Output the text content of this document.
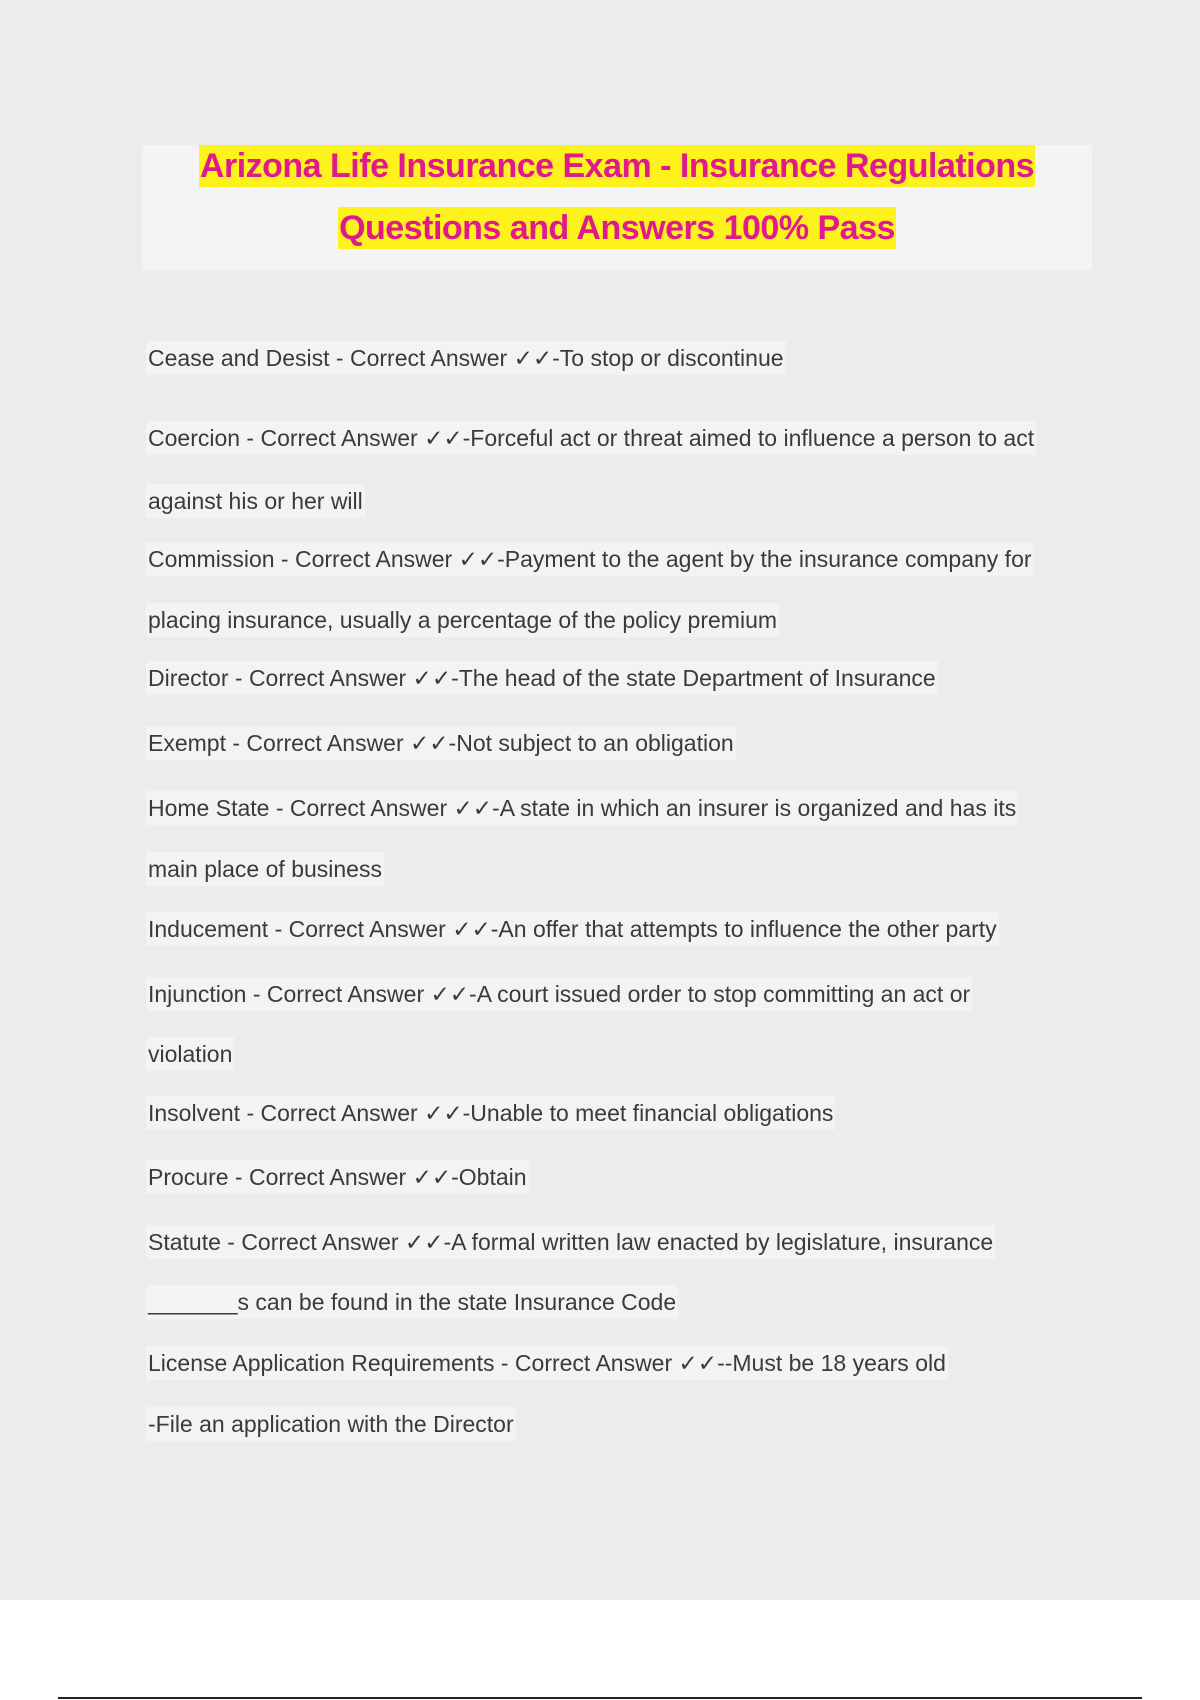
Arizona Life Insurance Exam - Insurance Regulations
Questions and Answers 100% Pass
Cease and Desist - Correct Answer ✓✓-To stop or discontinue
Coercion - Correct Answer ✓✓-Forceful act or threat aimed to influence a person to act
against his or her will
Commission - Correct Answer ✓✓-Payment to the agent by the insurance company for
placing insurance, usually a percentage of the policy premium
Director - Correct Answer ✓✓-The head of the state Department of Insurance
Exempt - Correct Answer ✓✓-Not subject to an obligation
Home State - Correct Answer ✓✓-A state in which an insurer is organized and has its
main place of business
Inducement - Correct Answer ✓✓-An offer that attempts to influence the other party
Injunction - Correct Answer ✓✓-A court issued order to stop committing an act or
violation
Insolvent - Correct Answer ✓✓-Unable to meet financial obligations
Procure - Correct Answer ✓✓-Obtain
Statute - Correct Answer ✓✓-A formal written law enacted by legislature, insurance
_______s can be found in the state Insurance Code
License Application Requirements - Correct Answer ✓✓--Must be 18 years old
-File an application with the Director
